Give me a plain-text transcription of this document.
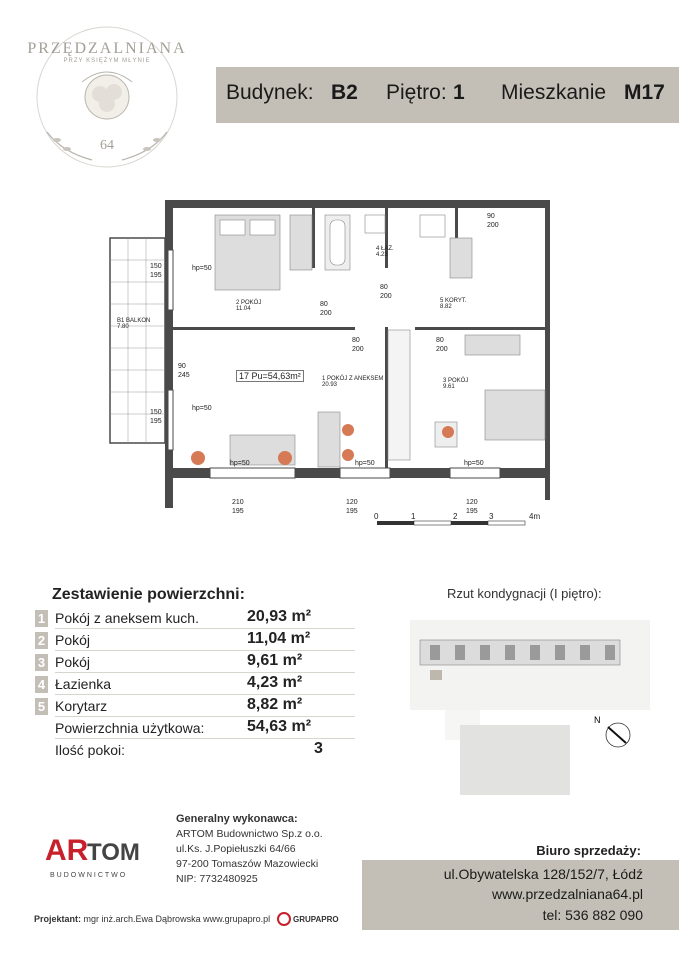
PRZĘDZALNIANA
PRZY KSIĘŻYM MŁYNIE
64
Budynek: B2 Piętro: 1 Mieszkanie M17
2 POKÓJ
11.04
4 ŁAZ.
4.23
5 KORYT.
8.82
17 Pu=54,63m²	1 POKÓJ Z ANEKSEM
20.93
3 POKÓJ
9.61
B1 BALKON
7.80
150
195
90
245
150
195
80
200
80
200
80
200
80
200
90
200
210
195
120
195
120
195
hp=50
hp=50
hp=50	hp=50	hp=50
0	1	2	3	4m
Zestawienie powierzchni:
1 Pokój z aneksem kuch.	20,93 m²
2 Pokój	11,04 m²
3 Pokój	9,61 m²
4 Łazienka	4,23 m²
5 Korytarz	8,82 m²
Powierzchnia użytkowa:	54,63 m²
Ilość pokoi:	3
Rzut kondygnacji (I piętro):
N
AR
TOM
BUDOWNICTWO
Generalny wykonawca:
ARTOM Budownictwo Sp.z o.o.
ul.Ks. J.Popiełuszki 64/66
97-200 Tomaszów Mazowiecki
NIP: 7732480925
Projektant: mgr inż.arch.Ewa Dąbrowska www.grupapro.pl	GRUPAPRO
Biuro sprzedaży:
ul.Obywatelska 128/152/7, Łódź
www.przedzalniana64.pl
tel: 536 882 090
